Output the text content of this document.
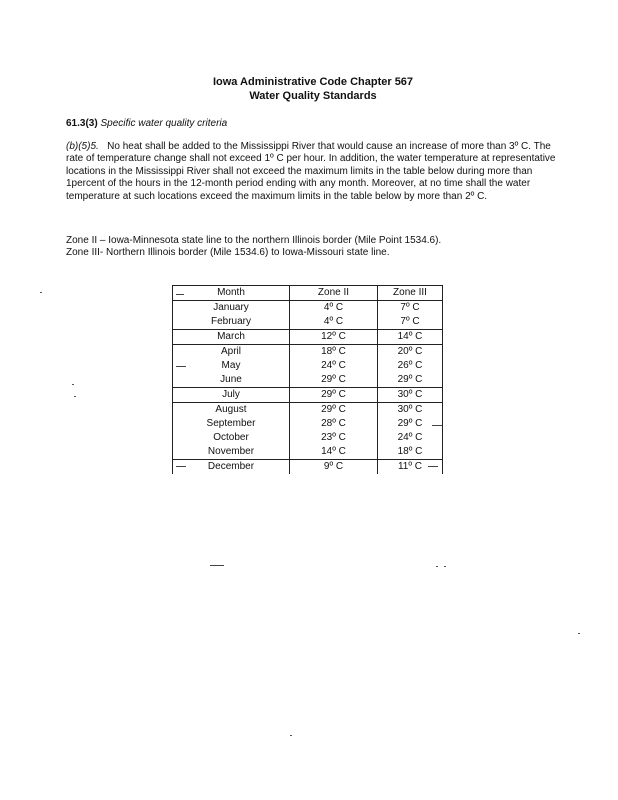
Iowa Administrative Code Chapter 567
Water Quality Standards
61.3(3) Specific water quality criteria
(b)(5)5. No heat shall be added to the Mississippi River that would cause an increase of more than 3º C. The rate of temperature change shall not exceed 1º C per hour. In addition, the water temperature at representative locations in the Mississippi River shall not exceed the maximum limits in the table below during more than 1percent of the hours in the 12-month period ending with any month. Moreover, at no time shall the water temperature at such locations exceed the maximum limits in the table below by more than 2º C.
Zone II – Iowa-Minnesota state line to the northern Illinois border (Mile Point 1534.6).
Zone III- Northern Illinois border (Mile 1534.6) to Iowa-Missouri state line.
Month	Zone II	Zone III
January	4º C	7º C
February	4º C	7º C
March	12º C	14º C
April	18º C	20º C
May	24º C	26º C
June	29º C	29º C
July	29º C	30º C
August	29º C	30º C
September	28º C	29º C
October	23º C	24º C
November	14º C	18º C
December	9º C	11º C
